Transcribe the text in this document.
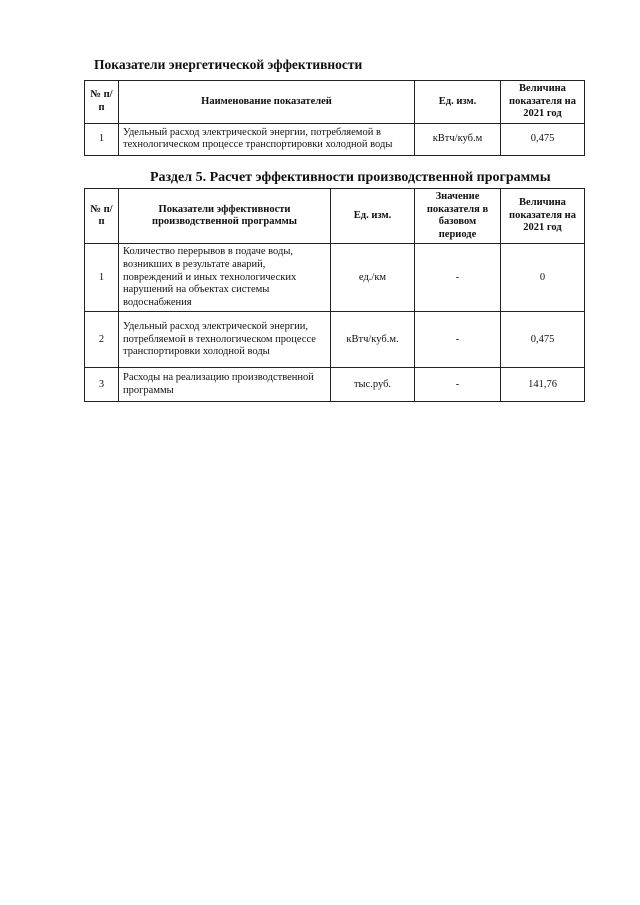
Показатели энергетической эффективности
№ п/п	Наименование показателей	Ед. изм.	Величина показателя на 2021 год
1	Удельный расход электрической энергии, потребляемой в технологическом процессе транспортировки холодной воды	кВтч/куб.м	0,475
Раздел 5. Расчет эффективности производственной программы
№ п/п	Показатели эффективности производственной программы	Ед. изм.	Значение показателя в базовом периоде	Величина показателя на 2021 год
1	Количество перерывов в подаче воды, возникших в результате аварий, повреждений и иных технологических нарушений на объектах системы водоснабжения	ед./км	-	0
2	Удельный расход электрической энергии, потребляемой в технологическом процессе транспортировки холодной воды	кВтч/куб.м.	-	0,475
3	Расходы на реализацию производственной программы	тыс.руб.	-	141,76
